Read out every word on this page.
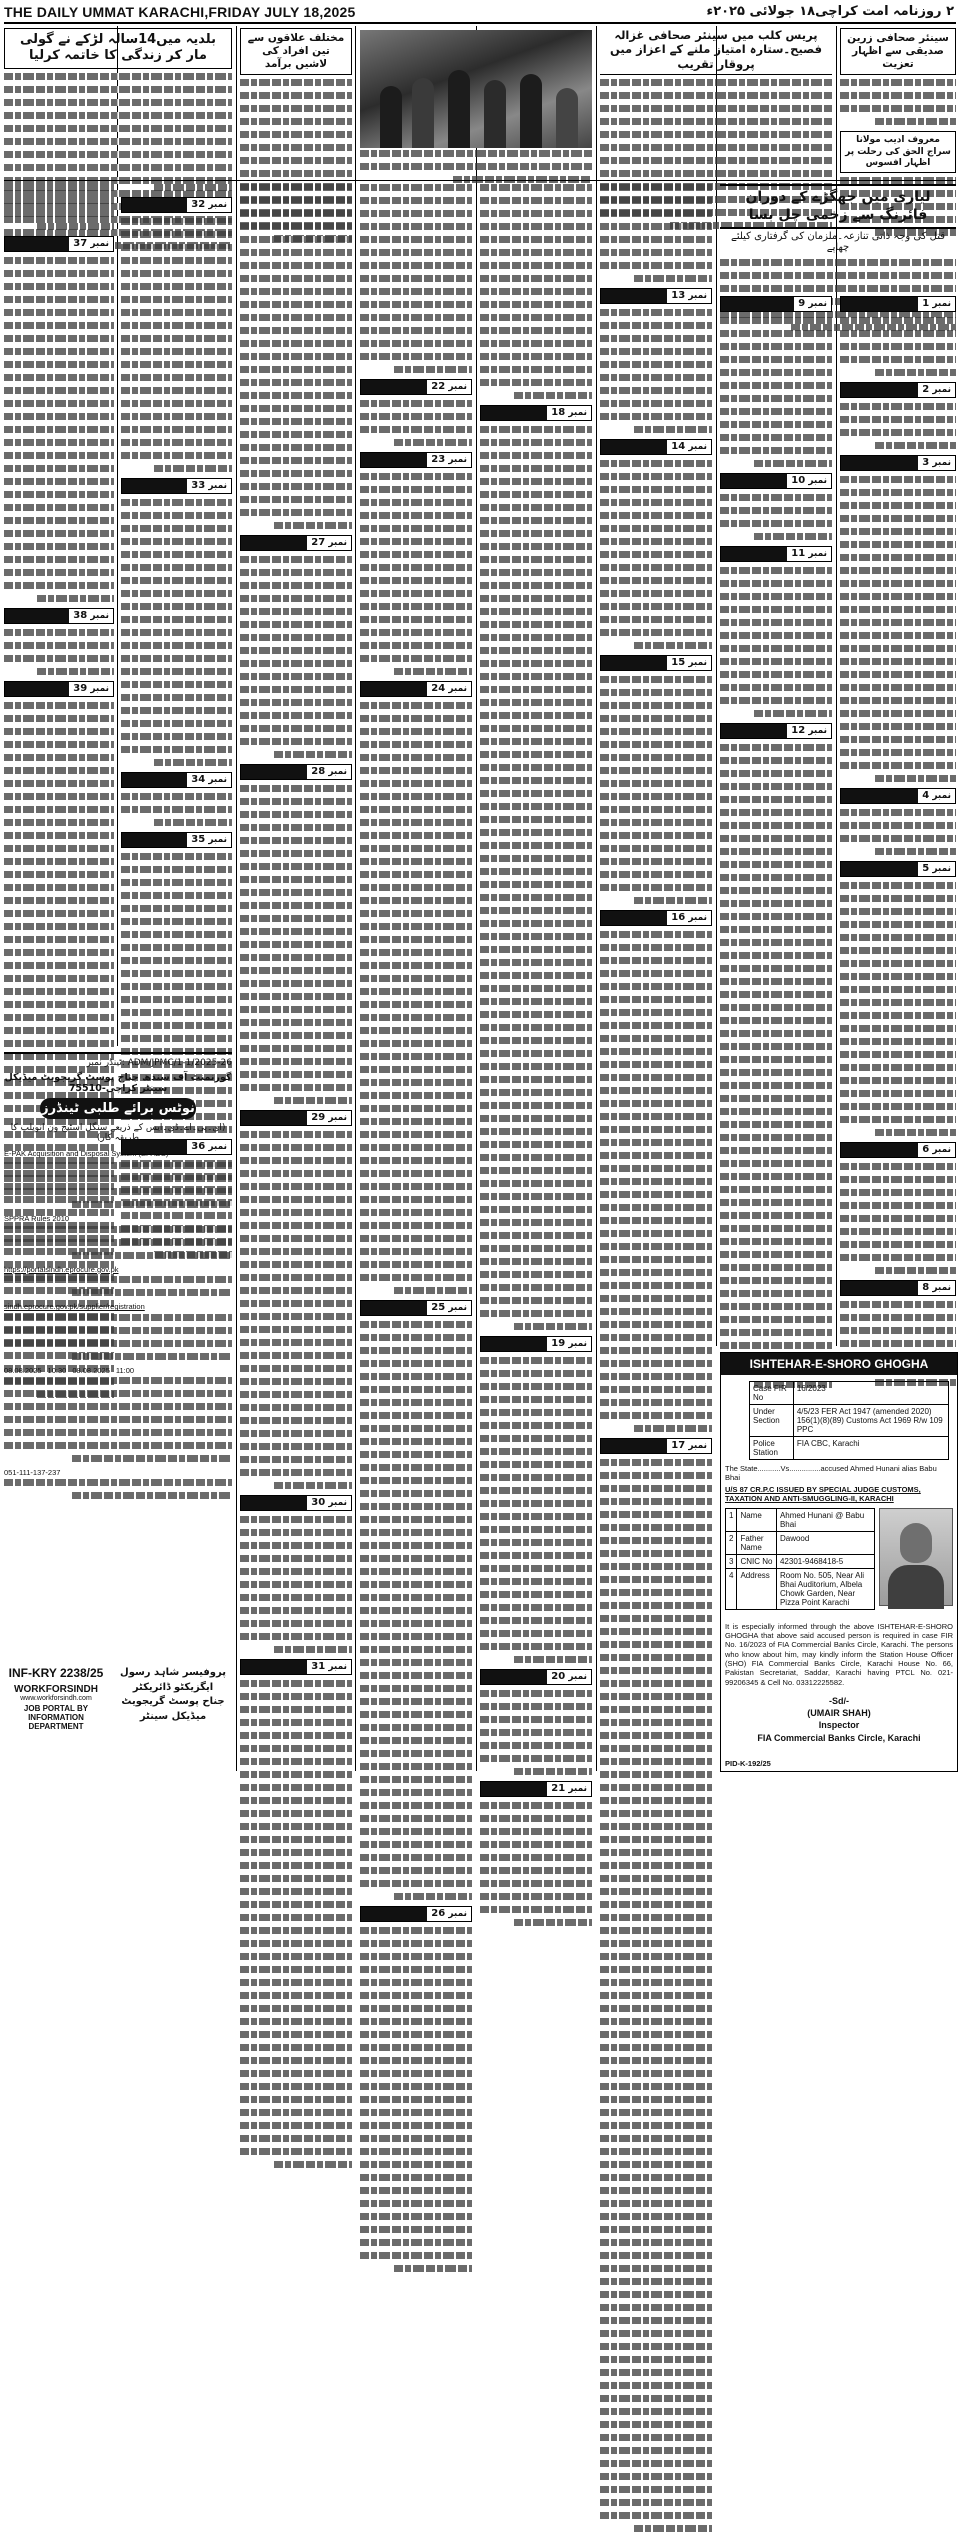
THE DAILY UMMAT KARACHI,FRIDAY JULY 18,2025	۲ روزنامہ امت کراچی۱۸ جولائی ۲۰۲۵ء
بلدیہ میں14سالہ لڑکے نے گولی مار کر زندگی کا خاتمہ کرلیا
مختلف علاقوں سے تین افراد کی لاشیں برآمد
پریس کلب میں سینئر صحافی غزالہ فصیح۔ستارہ امتیاز ملنے کے اعزاز میں پروقار تقریب
سینئر صحافی زرین صدیقی سے اظہار تعزیت
معروف ادیب مولانا سراج الحق کی رحلت پر اظہار افسوس
لیاری میں جھگڑے کے دوران فائرنگ سے زخمی چل بسا
قتل کی وجہ ذاتی تنازعہ۔ملزمان کی گرفتاری کیلئے چھاپے
نمبر 1
نمبر 2
نمبر 3
نمبر 4
نمبر 5
نمبر 6
نمبر 8
نمبر 9
نمبر 10
نمبر 11
نمبر 12
نمبر 13
نمبر 14
نمبر 15
نمبر 16
نمبر 17
نمبر 18
نمبر 19
نمبر 20
نمبر 21
نمبر 22
نمبر 23
نمبر 24
نمبر 25
نمبر 26
نمبر 27
نمبر 28
نمبر 29
نمبر 30
نمبر 31
نمبر 37
نمبر 38
نمبر 39
نمبر 32
نمبر 33
نمبر 34
نمبر 35
نمبر 36
1-1/2025-26/ADM/JPMC :ٹینڈر نمبر
گورنمنٹ آف سندھ جناح پوسٹ گریجویٹ میڈیکل سینٹر کراچی-75510
نوٹس برائے طلبی ٹینڈرز
(ای۔پی۔اے۔ڈی۔ایس کے ذریعے سنگل اسٹیج ون انویلپ کا طریقہ کار)
E-PAK Acquisition and Disposal System (EPADS)
SPPRA Rules 2010
https://portalsindh.eprocure.gov.pk
sindh.eprocure.gov.pk/supplier/registration
08.08.2025 10:30 08.08.2025 11:00
051-111-137-237
پروفیسر شاہد رسول
ایگزیکٹو ڈائریکٹر
جناح پوسٹ گریجویٹ
میڈیکل سینٹر
INF-KRY 2238/25
WORKFORSINDH
www.workforsindh.com
JOB PORTAL BY
INFORMATION DEPARTMENT
ISHTEHAR-E-SHORO GHOGHA
Case FIR No	16/2023
Under Section	4/5/23 FER Act 1947 (amended 2020) 156(1)(8)(89) Customs Act 1969 R/w 109 PPC
Police Station	FIA CBC, Karachi
The State...........Vs...............accused Ahmed Hunani alias Babu Bhai
U/S 87 CR.P.C ISSUED BY SPECIAL JUDGE CUSTOMS, TAXATION AND ANTI-SMUGGLING-II, KARACHI
1	Name	Ahmed Hunani @ Babu Bhai
2	Father Name	Dawood
3	CNIC No	42301-9468418-5
4	Address	Room No. 505, Near Ali Bhai Auditorium, Albela Chowk Garden, Near Pizza Point Karachi
It is especially informed through the above ISHTEHAR-E-SHORO GHOGHA that above said accused person is required in case FIR No. 16/2023 of FIA Commercial Banks Circle, Karachi. The persons who know about him, may kindly inform the Station House Officer (SHO) FIA Commercial Banks Circle, Karachi House No. 66, Pakistan Secretariat, Saddar, Karachi having PTCL No. 021-99206345 & Cell No. 03312225582.
-Sd/-
(UMAIR SHAH)
Inspector
FIA Commercial Banks Circle, Karachi
PID-K-192/25
